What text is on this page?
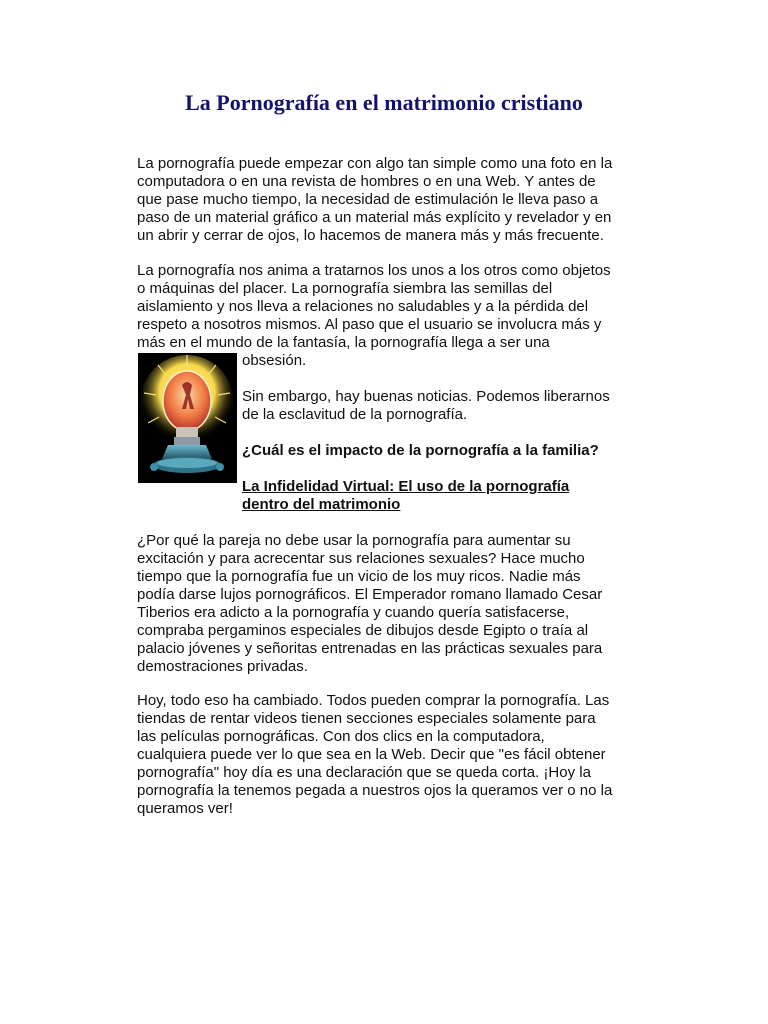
La Pornografía en el matrimonio cristiano

La pornografía puede empezar con algo tan simple como una foto en la
computadora o en una revista de hombres o en una Web. Y antes de
que pase mucho tiempo, la necesidad de estimulación le lleva paso a
paso de un material gráfico a un material más explícito y revelador y en
un abrir y cerrar de ojos, lo hacemos de manera más y más frecuente.

La pornografía nos anima a tratarnos los unos a los otros como objetos
o máquinas del placer. La pornografía siembra las semillas del
aislamiento y nos lleva a relaciones no saludables y a la pérdida del
respeto a nosotros mismos. Al paso que el usuario se involucra más y
más en el mundo de la fantasía, la pornografía llega a ser una

obsesión.

Sin embargo, hay buenas noticias. Podemos liberarnos
de la esclavitud de la pornografía.

¿Cuál es el impacto de la pornografía a la familia?

La Infidelidad Virtual: El uso de la pornografía
dentro del matrimonio

¿Por qué la pareja no debe usar la pornografía para aumentar su
excitación y para acrecentar sus relaciones sexuales? Hace mucho
tiempo que la pornografía fue un vicio de los muy ricos. Nadie más
podía darse lujos pornográficos. El Emperador romano llamado Cesar
Tiberios era adicto a la pornografía y cuando quería satisfacerse,
compraba pergaminos especiales de dibujos desde Egipto o traía al
palacio jóvenes y señoritas entrenadas en las prácticas sexuales para
demostraciones privadas.

Hoy, todo eso ha cambiado. Todos pueden comprar la pornografía. Las
tiendas de rentar videos tienen secciones especiales solamente para
las películas pornográficas. Con dos clics en la computadora,
cualquiera puede ver lo que sea en la Web. Decir que "es fácil obtener
pornografía" hoy día es una declaración que se queda corta. ¡Hoy la
pornografía la tenemos pegada a nuestros ojos la queramos ver o no la
queramos ver!
